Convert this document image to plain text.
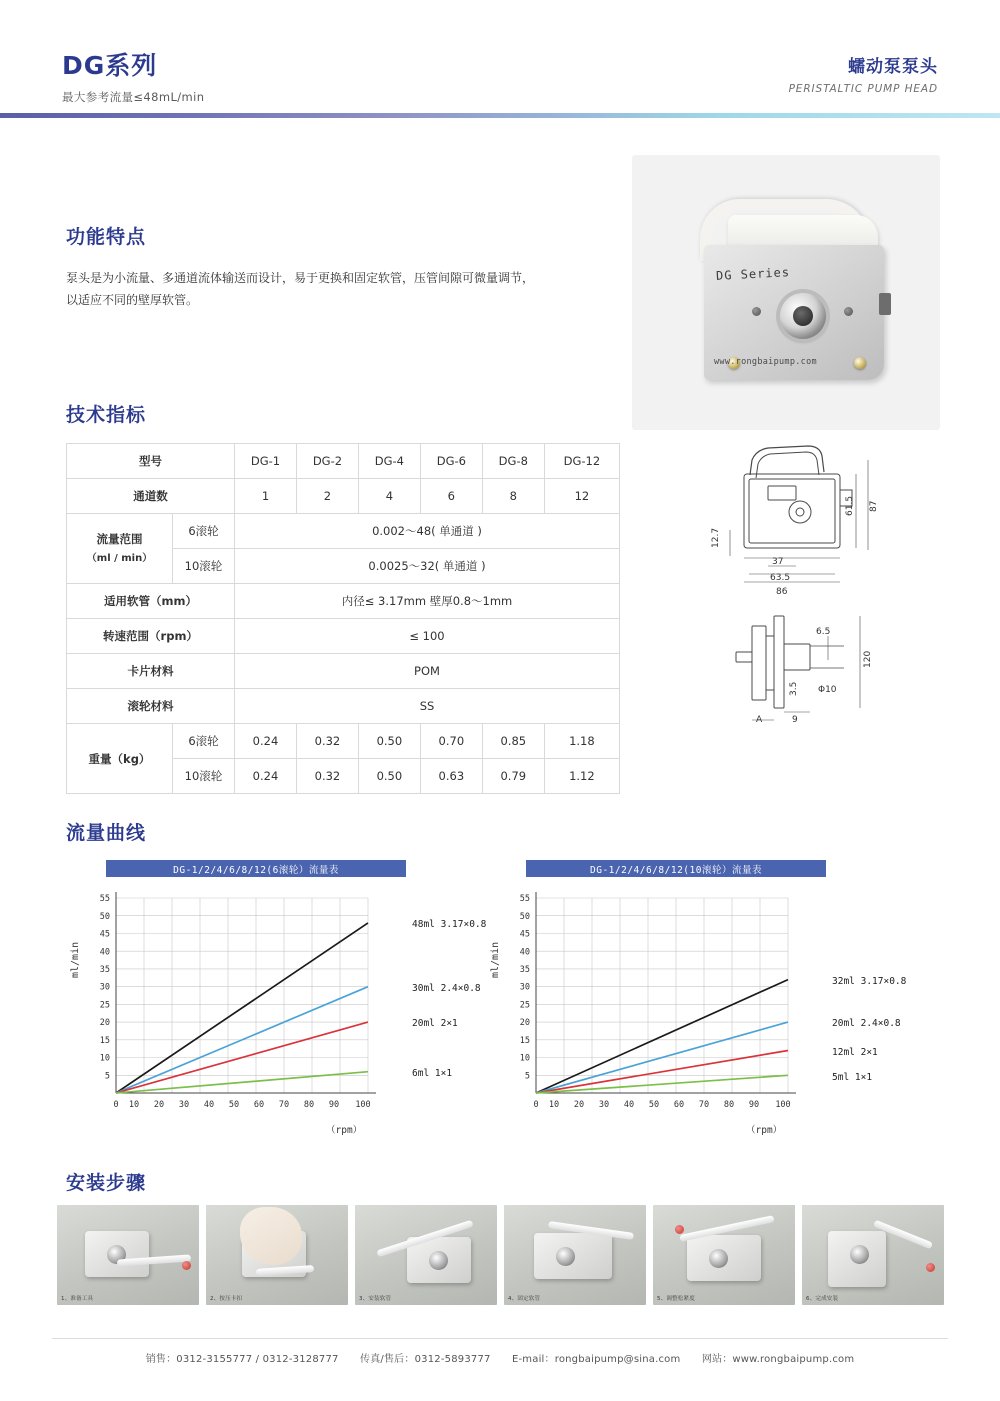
DG系列
最大参考流量≤48mL/min
蠕动泵泵头
PERISTALTIC PUMP HEAD
功能特点

泵头是为小流量、多通道流体输送而设计，易于更换和固定软管，压管间隙可微量调节，以适应不同的壁厚软管。

DG Series
www.rongbaipump.com
技术指标
型号		DG-1	DG-2	DG-4	DG-6	DG-8	DG-12
通道数		1	2	4	6	8	12

流量范围
（ml / min）	6滚轮	0.002～48( 单通道 )					
	10滚轮	0.0025～32( 单通道 )					
适用软管（mm）		内径≤ 3.17mm 壁厚0.8～1mm					
转速范围（rpm）		≤ 100					
卡片材料		POM					
滚轮材料		SS					
重量（kg）	6滚轮	0.24	0.32	0.50	0.70	0.85	1.18
	10滚轮	0.24	0.32	0.50	0.63	0.79	1.12
12.7
37
63.5
86
61.5 87
6.5
3.5 Φ10
120
A	9
流量曲线
DG-1/2/4/6/8/12(6滚轮）流量表
ml/min
（rpm）
55
50
45
40
35
30
25
20
15
10
5
0 10 20 30 40 50 60 70 80 90 100
48ml 3.17×0.8
30ml 2.4×0.8
20ml 2×1
6ml 1×1
DG-1/2/4/6/8/12(10滚轮）流量表
ml/min
（rpm）
55
50
45
40
35
30
25
20
15
10
5
0 10 20 30 40 50 60 70 80 90 100
32ml 3.17×0.8
20ml 2.4×0.8
12ml 2×1
5ml 1×1
安装步骤
1、准备工具	2、按压卡扣	3、安装软管	4、固定软管	5、调整松紧度	6、完成安装
销售：0312-3155777 / 0312-3128777 传真/售后：0312-5893777 E-mail：rongbaipump@sina.com 网站：www.rongbaipump.com
